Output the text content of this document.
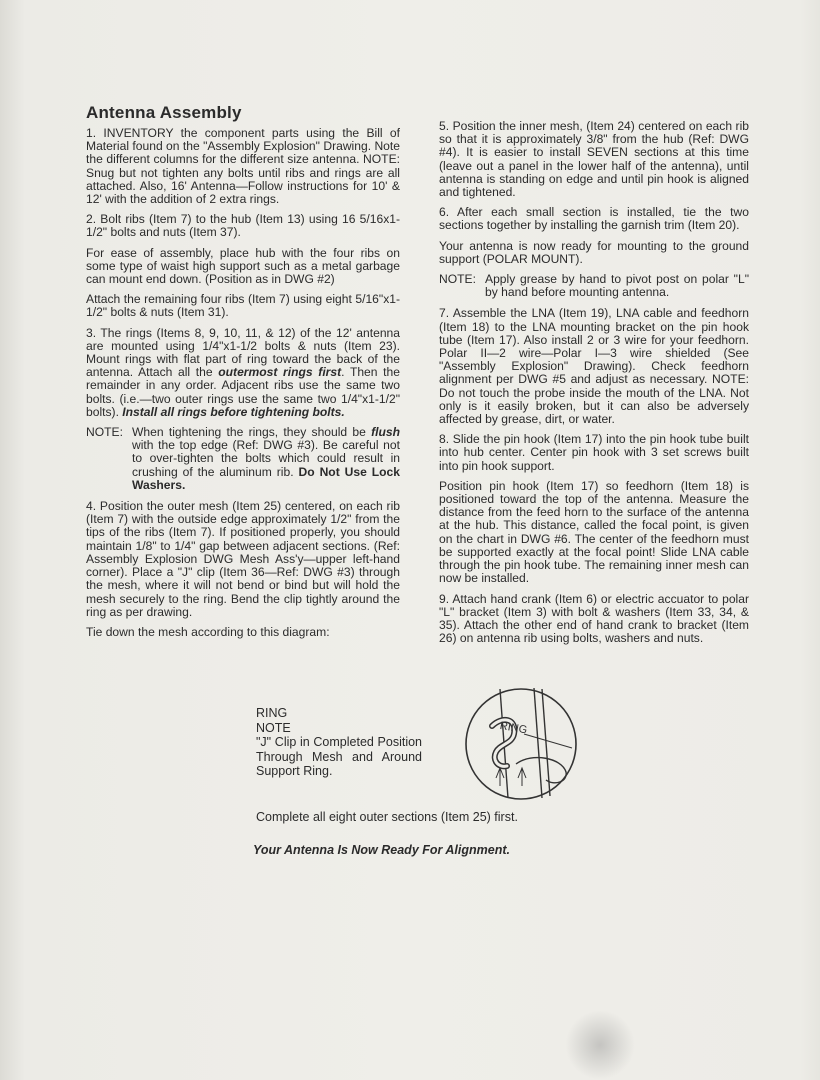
Antenna Assembly

1. INVENTORY the component parts using the Bill of Material found on the "Assembly Explosion" Drawing. Note the different columns for the different size antenna. NOTE: Snug but not tighten any bolts until ribs and rings are all attached. Also, 16' Antenna—Follow instructions for 10' & 12' with the addition of 2 extra rings.

2. Bolt ribs (Item 7) to the hub (Item 13) using 16 5/16x1-1/2" bolts and nuts (Item 37).

For ease of assembly, place hub with the four ribs on some type of waist high support such as a metal garbage can mount end down. (Position as in DWG #2)

Attach the remaining four ribs (Item 7) using eight 5/16"x1-1/2" bolts & nuts (Item 31).

3. The rings (Items 8, 9, 10, 11, & 12) of the 12' antenna are mounted using 1/4"x1-1/2 bolts & nuts (Item 23). Mount rings with flat part of ring toward the back of the antenna. Attach all the outermost rings first. Then the remainder in any order. Adjacent ribs use the same two bolts. (i.e.—two outer rings use the same two 1/4"x1-1/2" bolts). Install all rings before tightening bolts.

NOTE: When tightening the rings, they should be flush with the top edge (Ref: DWG #3). Be careful not to over-tighten the bolts which could result in crushing of the aluminum rib. Do Not Use Lock Washers.

4. Position the outer mesh (Item 25) centered, on each rib (Item 7) with the outside edge approximately 1/2" from the tips of the ribs (Item 7). If positioned properly, you should maintain 1/8" to 1/4" gap between adjacent sections. (Ref: Assembly Explosion DWG Mesh Ass'y—upper left-hand corner). Place a "J" clip (Item 36—Ref: DWG #3) through the mesh, where it will not bend or bind but will hold the mesh securely to the ring. Bend the clip tightly around the ring as per drawing.

Tie down the mesh according to this diagram:

5. Position the inner mesh, (Item 24) centered on each rib so that it is approximately 3/8" from the hub (Ref: DWG #4). It is easier to install SEVEN sections at this time (leave out a panel in the lower half of the antenna), until antenna is standing on edge and until pin hook is aligned and tightened.

6. After each small section is installed, tie the two sections together by installing the garnish trim (Item 20).

Your antenna is now ready for mounting to the ground support (POLAR MOUNT).

NOTE: Apply grease by hand to pivot post on polar "L" by hand before mounting antenna.

7. Assemble the LNA (Item 19), LNA cable and feedhorn (Item 18) to the LNA mounting bracket on the pin hook tube (Item 17). Also install 2 or 3 wire for your feedhorn. Polar II—2 wire—Polar I—3 wire shielded (See "Assembly Explosion" Drawing). Check feedhorn alignment per DWG #5 and adjust as necessary. NOTE: Do not touch the probe inside the mouth of the LNA. Not only is it easily broken, but it can also be adversely affected by grease, dirt, or water.

8. Slide the pin hook (Item 17) into the pin hook tube built into hub center. Center pin hook with 3 set screws built into pin hook support.

Position pin hook (Item 17) so feedhorn (Item 18) is positioned toward the top of the antenna. Measure the distance from the feed horn to the surface of the antenna at the hub. This distance, called the focal point, is given on the chart in DWG #6. The center of the feedhorn must be supported exactly at the focal point! Slide LNA cable through the pin hook tube. The remaining inner mesh can now be installed.

9. Attach hand crank (Item 6) or electric accuator to polar "L" bracket (Item 3) with bolt & washers (Item 33, 34, & 35). Attach the other end of hand crank to bracket (Item 26) on antenna rib using bolts, washers and nuts.

RING
NOTE
"J" Clip in Completed Position Through Mesh and Around Support Ring.
RING
Complete all eight outer sections (Item 25) first.
Your Antenna Is Now Ready For Alignment.
